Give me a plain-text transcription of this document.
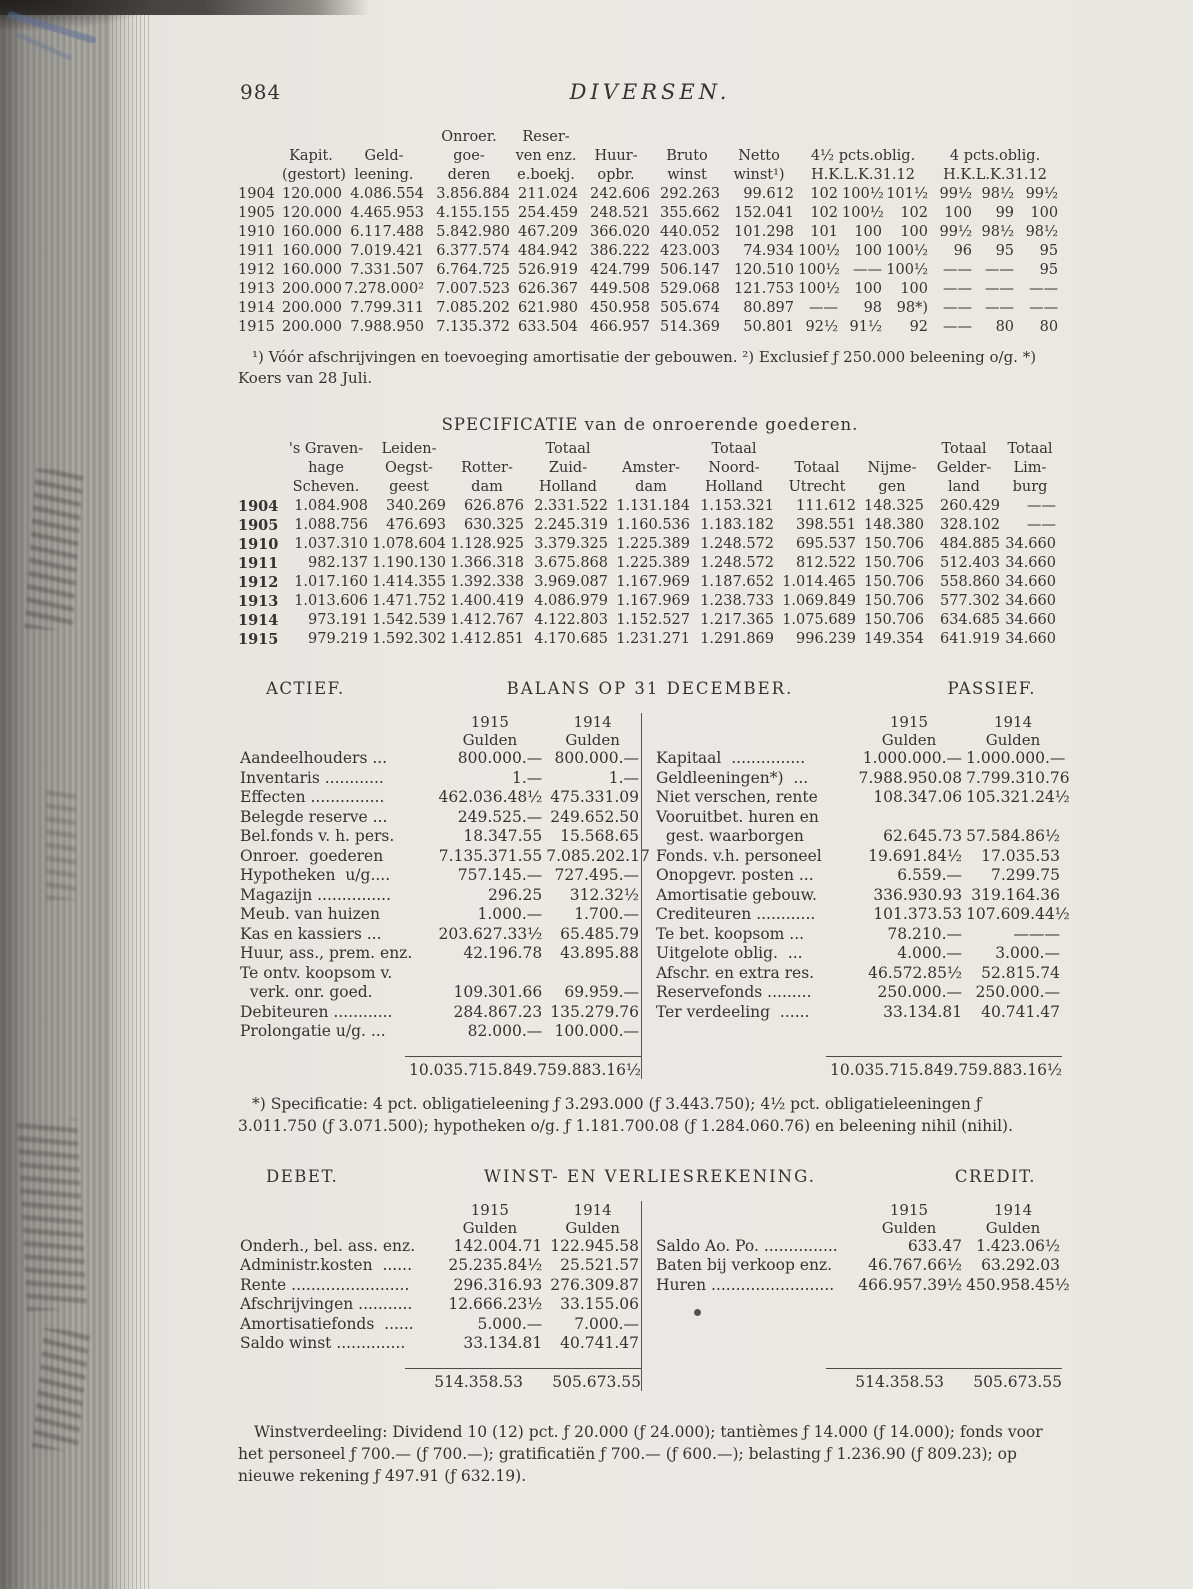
984	DIVERSEN.
			Onroer.	Reser-									
	Kapit.	Geld-	goe-	ven enz.	Huur-	Bruto	Netto	4½ pcts.oblig.			4 pcts.oblig.		
	(gestort)	leening.	deren	e.boekj.	opbr.	winst	winst¹)	H.K.L.K.31.12			H.K.L.K.31.12		
1904	120.000	4.086.554	3.856.884	211.024	242.606	292.263	99.612	102	100½	101½	99½	98½	99½
1905	120.000	4.465.953	4.155.155	254.459	248.521	355.662	152.041	102	100½	102	100	99	100
1910	160.000	6.117.488	5.842.980	467.209	366.020	440.052	101.298	101	100	100	99½	98½	98½
1911	160.000	7.019.421	6.377.574	484.942	386.222	423.003	74.934	100½	100	100½	96	95	95
1912	160.000	7.331.507	6.764.725	526.919	424.799	506.147	120.510	100½	——	100½	——	——	95
1913	200.000	7.278.000²	7.007.523	626.367	449.508	529.068	121.753	100½	100	100	——	——	——
1914	200.000	7.799.311	7.085.202	621.980	450.958	505.674	80.897	——	98	98*)	——	——	——
1915	200.000	7.988.950	7.135.372	633.504	466.957	514.369	50.801	92½	91½	92	——	80	80

¹) Vóór afschrijvingen en toevoeging amortisatie der gebouwen. ²) Exclusief ƒ 250.000 beleening o/g. *) Koers van 28 Juli.

SPECIFICATIE van de onroerende goederen.
	's Graven-	Leiden-		Totaal		Totaal			Totaal	Totaal
	hage	Oegst-	Rotter-	Zuid-	Amster-	Noord-	Totaal	Nijme-	Gelder-	Lim-
	Scheven.	geest	dam	Holland	dam	Holland	Utrecht	gen	land	burg
1904	1.084.908	340.269	626.876	2.331.522	1.131.184	1.153.321	111.612	148.325	260.429	——
1905	1.088.756	476.693	630.325	2.245.319	1.160.536	1.183.182	398.551	148.380	328.102	——
1910	1.037.310	1.078.604	1.128.925	3.379.325	1.225.389	1.248.572	695.537	150.706	484.885	34.660
1911	982.137	1.190.130	1.366.318	3.675.868	1.225.389	1.248.572	812.522	150.706	512.403	34.660
1912	1.017.160	1.414.355	1.392.338	3.969.087	1.167.969	1.187.652	1.014.465	150.706	558.860	34.660
1913	1.013.606	1.471.752	1.400.419	4.086.979	1.167.969	1.238.733	1.069.849	150.706	577.302	34.660
1914	973.191	1.542.539	1.412.767	4.122.803	1.152.527	1.217.365	1.075.689	150.706	634.685	34.660
1915	979.219	1.592.302	1.412.851	4.170.685	1.231.271	1.291.869	996.239	149.354	641.919	34.660
ACTIEF.	BALANS OP 31 DECEMBER.	PASSIEF.
	1915	1914
	Gulden	Gulden
Aandeelhouders ...	800.000.—	800.000.—
Inventaris ............	1.—	1.—
Effecten ...............	462.036.48½	475.331.09
Belegde reserve ...	249.525.—	249.652.50
Bel.fonds v. h. pers.	18.347.55	15.568.65
Onroer.  goederen	7.135.371.55	7.085.202.17
Hypotheken  u/g....	757.145.—	727.495.—
Magazijn ...............	296.25	312.32½
Meub. van huizen	1.000.—	1.700.—
Kas en kassiers ...	203.627.33½	65.485.79
Huur, ass., prem. enz.	42.196.78	43.895.88
Te ontv. koopsom v.		
verk. onr. goed.	109.301.66	69.959.—
Debiteuren ............	284.867.23	135.279.76
Prolongatie u/g. ...	82.000.—	100.000.—
10.035.715.84 9.759.883.16½
	1915	1914
	Gulden	Gulden
Kapitaal  ...............	1.000.000.—	1.000.000.—
Geldleeningen*)  ...	7.988.950.08	7.799.310.76
Niet verschen, rente	108.347.06	105.321.24½
Vooruitbet. huren en		
gest. waarborgen	62.645.73	57.584.86½
Fonds. v.h. personeel	19.691.84½	17.035.53
Onopgevr. posten ...	6.559.—	7.299.75
Amortisatie gebouw.	336.930.93	319.164.36
Crediteuren ............	101.373.53	107.609.44½
Te bet. koopsom ...	78.210.—	———
Uitgelote oblig.  ...	4.000.—	3.000.—
Afschr. en extra res.	46.572.85½	52.815.74
Reservefonds .........	250.000.—	250.000.—
Ter verdeeling  ......	33.134.81	40.741.47
10.035.715.84 9.759.883.16½

*) Specificatie: 4 pct. obligatieleening ƒ 3.293.000 (ƒ 3.443.750); 4½ pct. obligatieleeningen ƒ 3.011.750 (ƒ 3.071.500); hypotheken o/g. ƒ 1.181.700.08 (ƒ 1.284.060.76) en beleening nihil (nihil).

DEBET.	WINST- EN VERLIESREKENING.	CREDIT.
	1915	1914
	Gulden	Gulden
Onderh., bel. ass. enz.	142.004.71	122.945.58
Administr.kosten  ......	25.235.84½	25.521.57
Rente ........................	296.316.93	276.309.87
Afschrijvingen ...........	12.666.23½	33.155.06
Amortisatiefonds  ......	5.000.—	7.000.—
Saldo winst ..............	33.134.81	40.741.47
514.358.53	505.673.55
	1915	1914
	Gulden	Gulden
Saldo Ao. Po. ...............	633.47	1.423.06½
Baten bij verkoop enz.	46.767.66½	63.292.03
Huren .........................	466.957.39½	450.958.45½
514.358.53	505.673.55

Winstverdeeling: Dividend 10 (12) pct. ƒ 20.000 (ƒ 24.000); tantièmes ƒ 14.000 (ƒ 14.000); fonds voor het personeel ƒ 700.— (ƒ 700.—); gratificatiën ƒ 700.— (ƒ 600.—); belasting ƒ 1.236.90 (ƒ 809.23); op nieuwe rekening ƒ 497.91 (ƒ 632.19).
